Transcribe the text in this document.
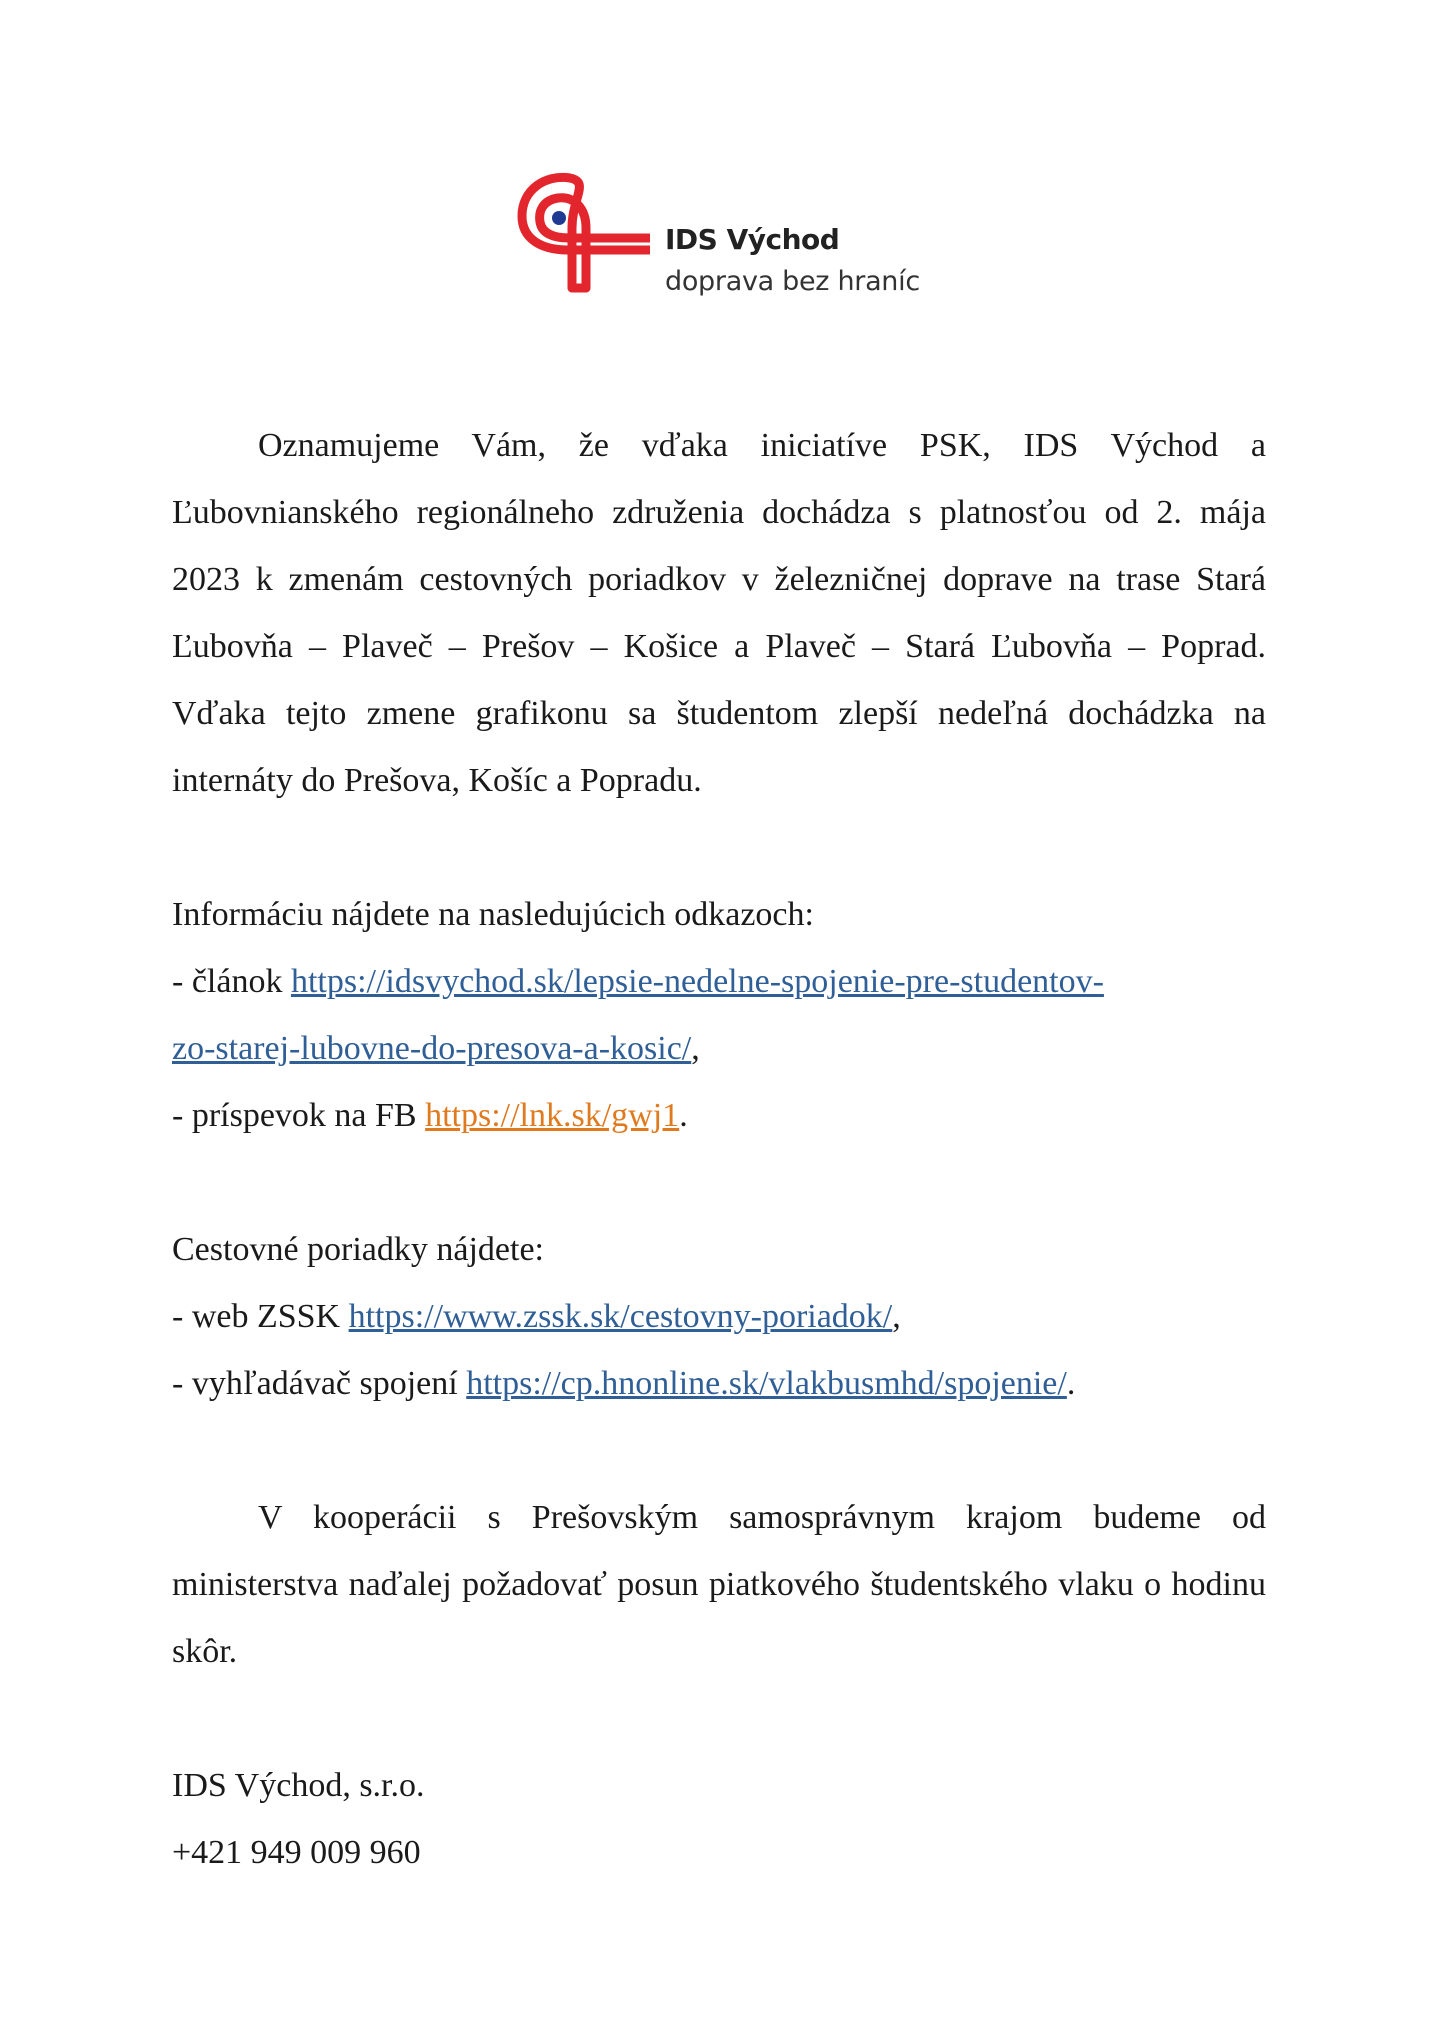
IDS Východ
doprava bez hraníc

Oznamujeme Vám, že vďaka iniciatíve PSK, IDS Východ a Ľubovnianského regionálneho združenia dochádza s platnosťou od 2. mája 2023 k zmenám cestovných poriadkov v železničnej doprave na trase Stará Ľubovňa – Plaveč – Prešov – Košice a Plaveč – Stará Ľubovňa – Poprad. Vďaka tejto zmene grafikonu sa študentom zlepší nedeľná dochádzka na internáty do Prešova, Košíc a Popradu.

Informáciu nájdete na nasledujúcich odkazoch:

- článok https://idsvychod.sk/lepsie-nedelne-spojenie-pre-studentov-

zo-starej-lubovne-do-presova-a-kosic/,

- príspevok na FB https://lnk.sk/gwj1.

Cestovné poriadky nájdete:

- web ZSSK https://www.zssk.sk/cestovny-poriadok/,

- vyhľadávač spojení https://cp.hnonline.sk/vlakbusmhd/spojenie/.

V kooperácii s Prešovským samosprávnym krajom budeme od ministerstva naďalej požadovať posun piatkového študentského vlaku o hodinu skôr.

IDS Východ, s.r.o.

+421 949 009 960
